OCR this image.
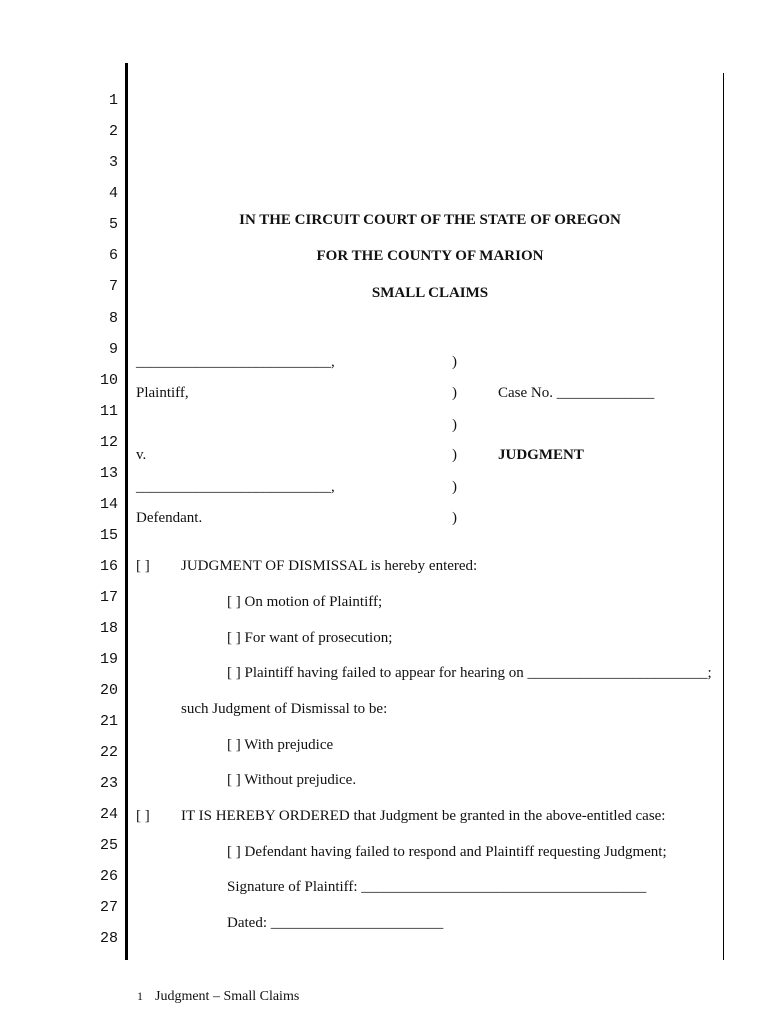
1
2
3
4
5
6
7
8
9
10
11
12
13
14
15
16
17
18
19
20
21
22
23
24
25
26
27
28
IN THE CIRCUIT COURT OF THE STATE OF OREGON
FOR THE COUNTY OF MARION
SMALL CLAIMS
__________________________,
Plaintiff,
v.
__________________________,
Defendant.
)
)
)
)
)
)
Case No. _____________
JUDGMENT
[ ] JUDGMENT OF DISMISSAL is hereby entered:
[ ] On motion of Plaintiff;
[ ] For want of prosecution;
[ ] Plaintiff having failed to appear for hearing on ________________________;
such Judgment of Dismissal to be:
[ ] With prejudice
[ ] Without prejudice.
[ ] IT IS HEREBY ORDERED that Judgment be granted in the above-entitled case:
[ ] Defendant having failed to respond and Plaintiff requesting Judgment;
Signature of Plaintiff: ______________________________________
Dated: _______________________
1 Judgment – Small Claims
